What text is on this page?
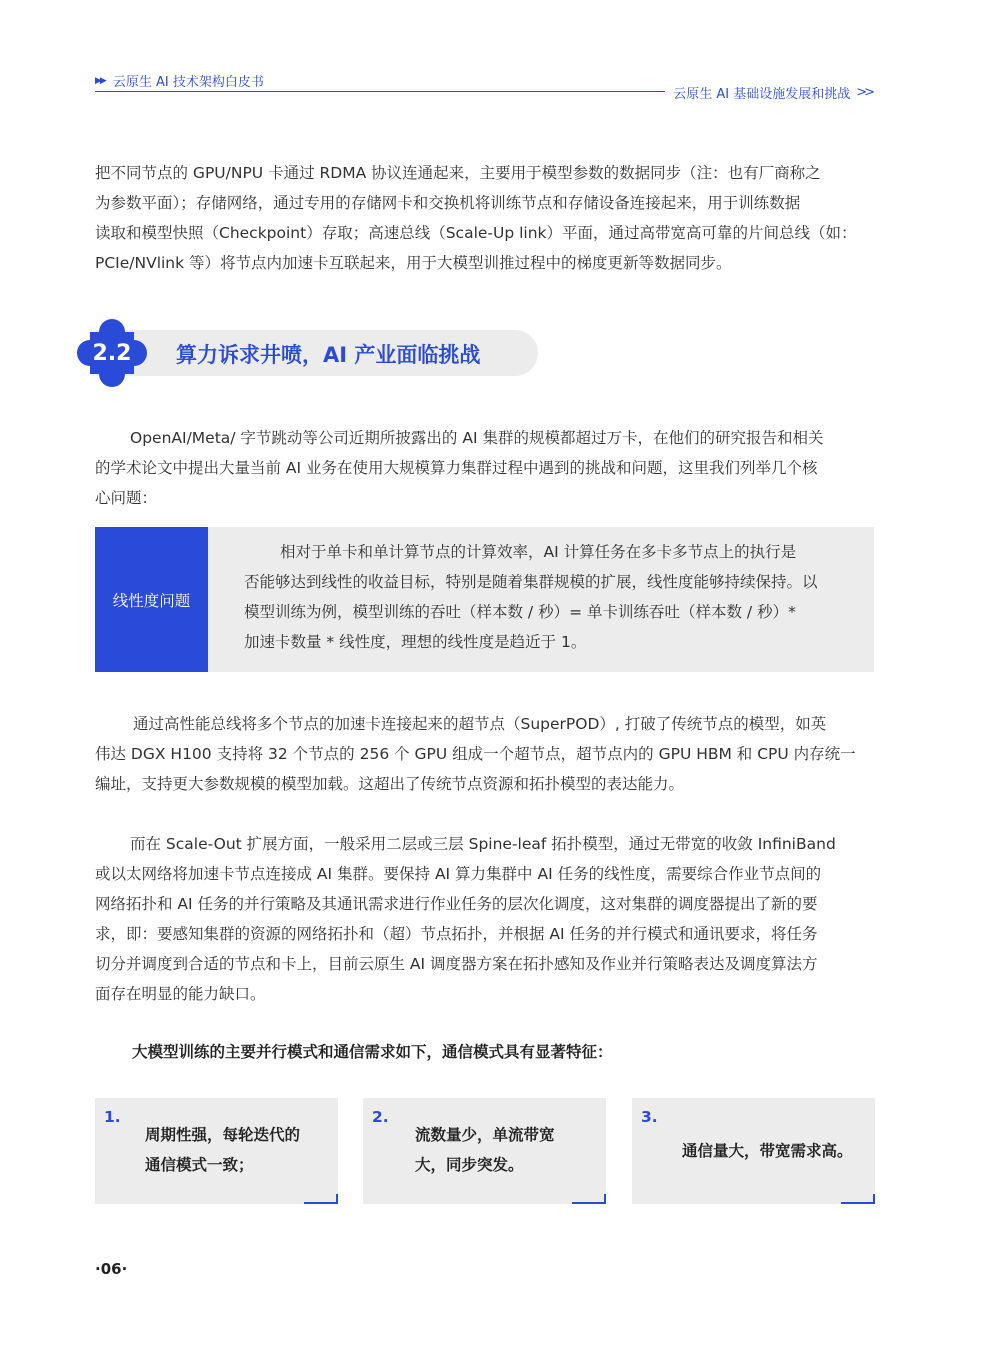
▶▶ 云原生 AI 技术架构白皮书
云原生 AI 基础设施发展和挑战 >>

把不同节点的 GPU/NPU 卡通过 RDMA 协议连通起来，主要用于模型参数的数据同步（注：也有厂商称之
为参数平面）；存储网络，通过专用的存储网卡和交换机将训练节点和存储设备连接起来，用于训练数据
读取和模型快照（Checkpoint）存取；高速总线（Scale-Up link）平面，通过高带宽高可靠的片间总线（如：
PCIe/NVlink 等）将节点内加速卡互联起来，用于大模型训推过程中的梯度更新等数据同步。

2.2	算力诉求井喷，AI 产业面临挑战

OpenAI/Meta/ 字节跳动等公司近期所披露出的 AI 集群的规模都超过万卡，在他们的研究报告和相关
的学术论文中提出大量当前 AI 业务在使用大规模算力集群过程中遇到的挑战和问题，这里我们列举几个核
心问题：

线性度问题
相对于单卡和单计算节点的计算效率，AI 计算任务在多卡多节点上的执行是
否能够达到线性的收益目标，特别是随着集群规模的扩展，线性度能够持续保持。以
模型训练为例，模型训练的吞吐（样本数 / 秒）= 单卡训练吞吐（样本数 / 秒）*
加速卡数量 * 线性度，理想的线性度是趋近于 1。

通过高性能总线将多个节点的加速卡连接起来的超节点（SuperPOD）, 打破了传统节点的模型，如英
伟达 DGX H100 支持将 32 个节点的 256 个 GPU 组成一个超节点，超节点内的 GPU HBM 和 CPU 内存统一
编址，支持更大参数规模的模型加载。这超出了传统节点资源和拓扑模型的表达能力。

而在 Scale-Out 扩展方面，一般采用二层或三层 Spine-leaf 拓扑模型，通过无带宽的收敛 InfiniBand
或以太网络将加速卡节点连接成 AI 集群。要保持 AI 算力集群中 AI 任务的线性度，需要综合作业节点间的
网络拓扑和 AI 任务的并行策略及其通讯需求进行作业任务的层次化调度，这对集群的调度器提出了新的要
求，即：要感知集群的资源的网络拓扑和（超）节点拓扑，并根据 AI 任务的并行模式和通讯要求，将任务
切分并调度到合适的节点和卡上，目前云原生 AI 调度器方案在拓扑感知及作业并行策略表达及调度算法方
面存在明显的能力缺口。

大模型训练的主要并行模式和通信需求如下，通信模式具有显著特征：
1.
周期性强，每轮迭代的
通信模式一致；
2.
流数量少，单流带宽
大，同步突发。
3.
通信量大，带宽需求高。
·06·
